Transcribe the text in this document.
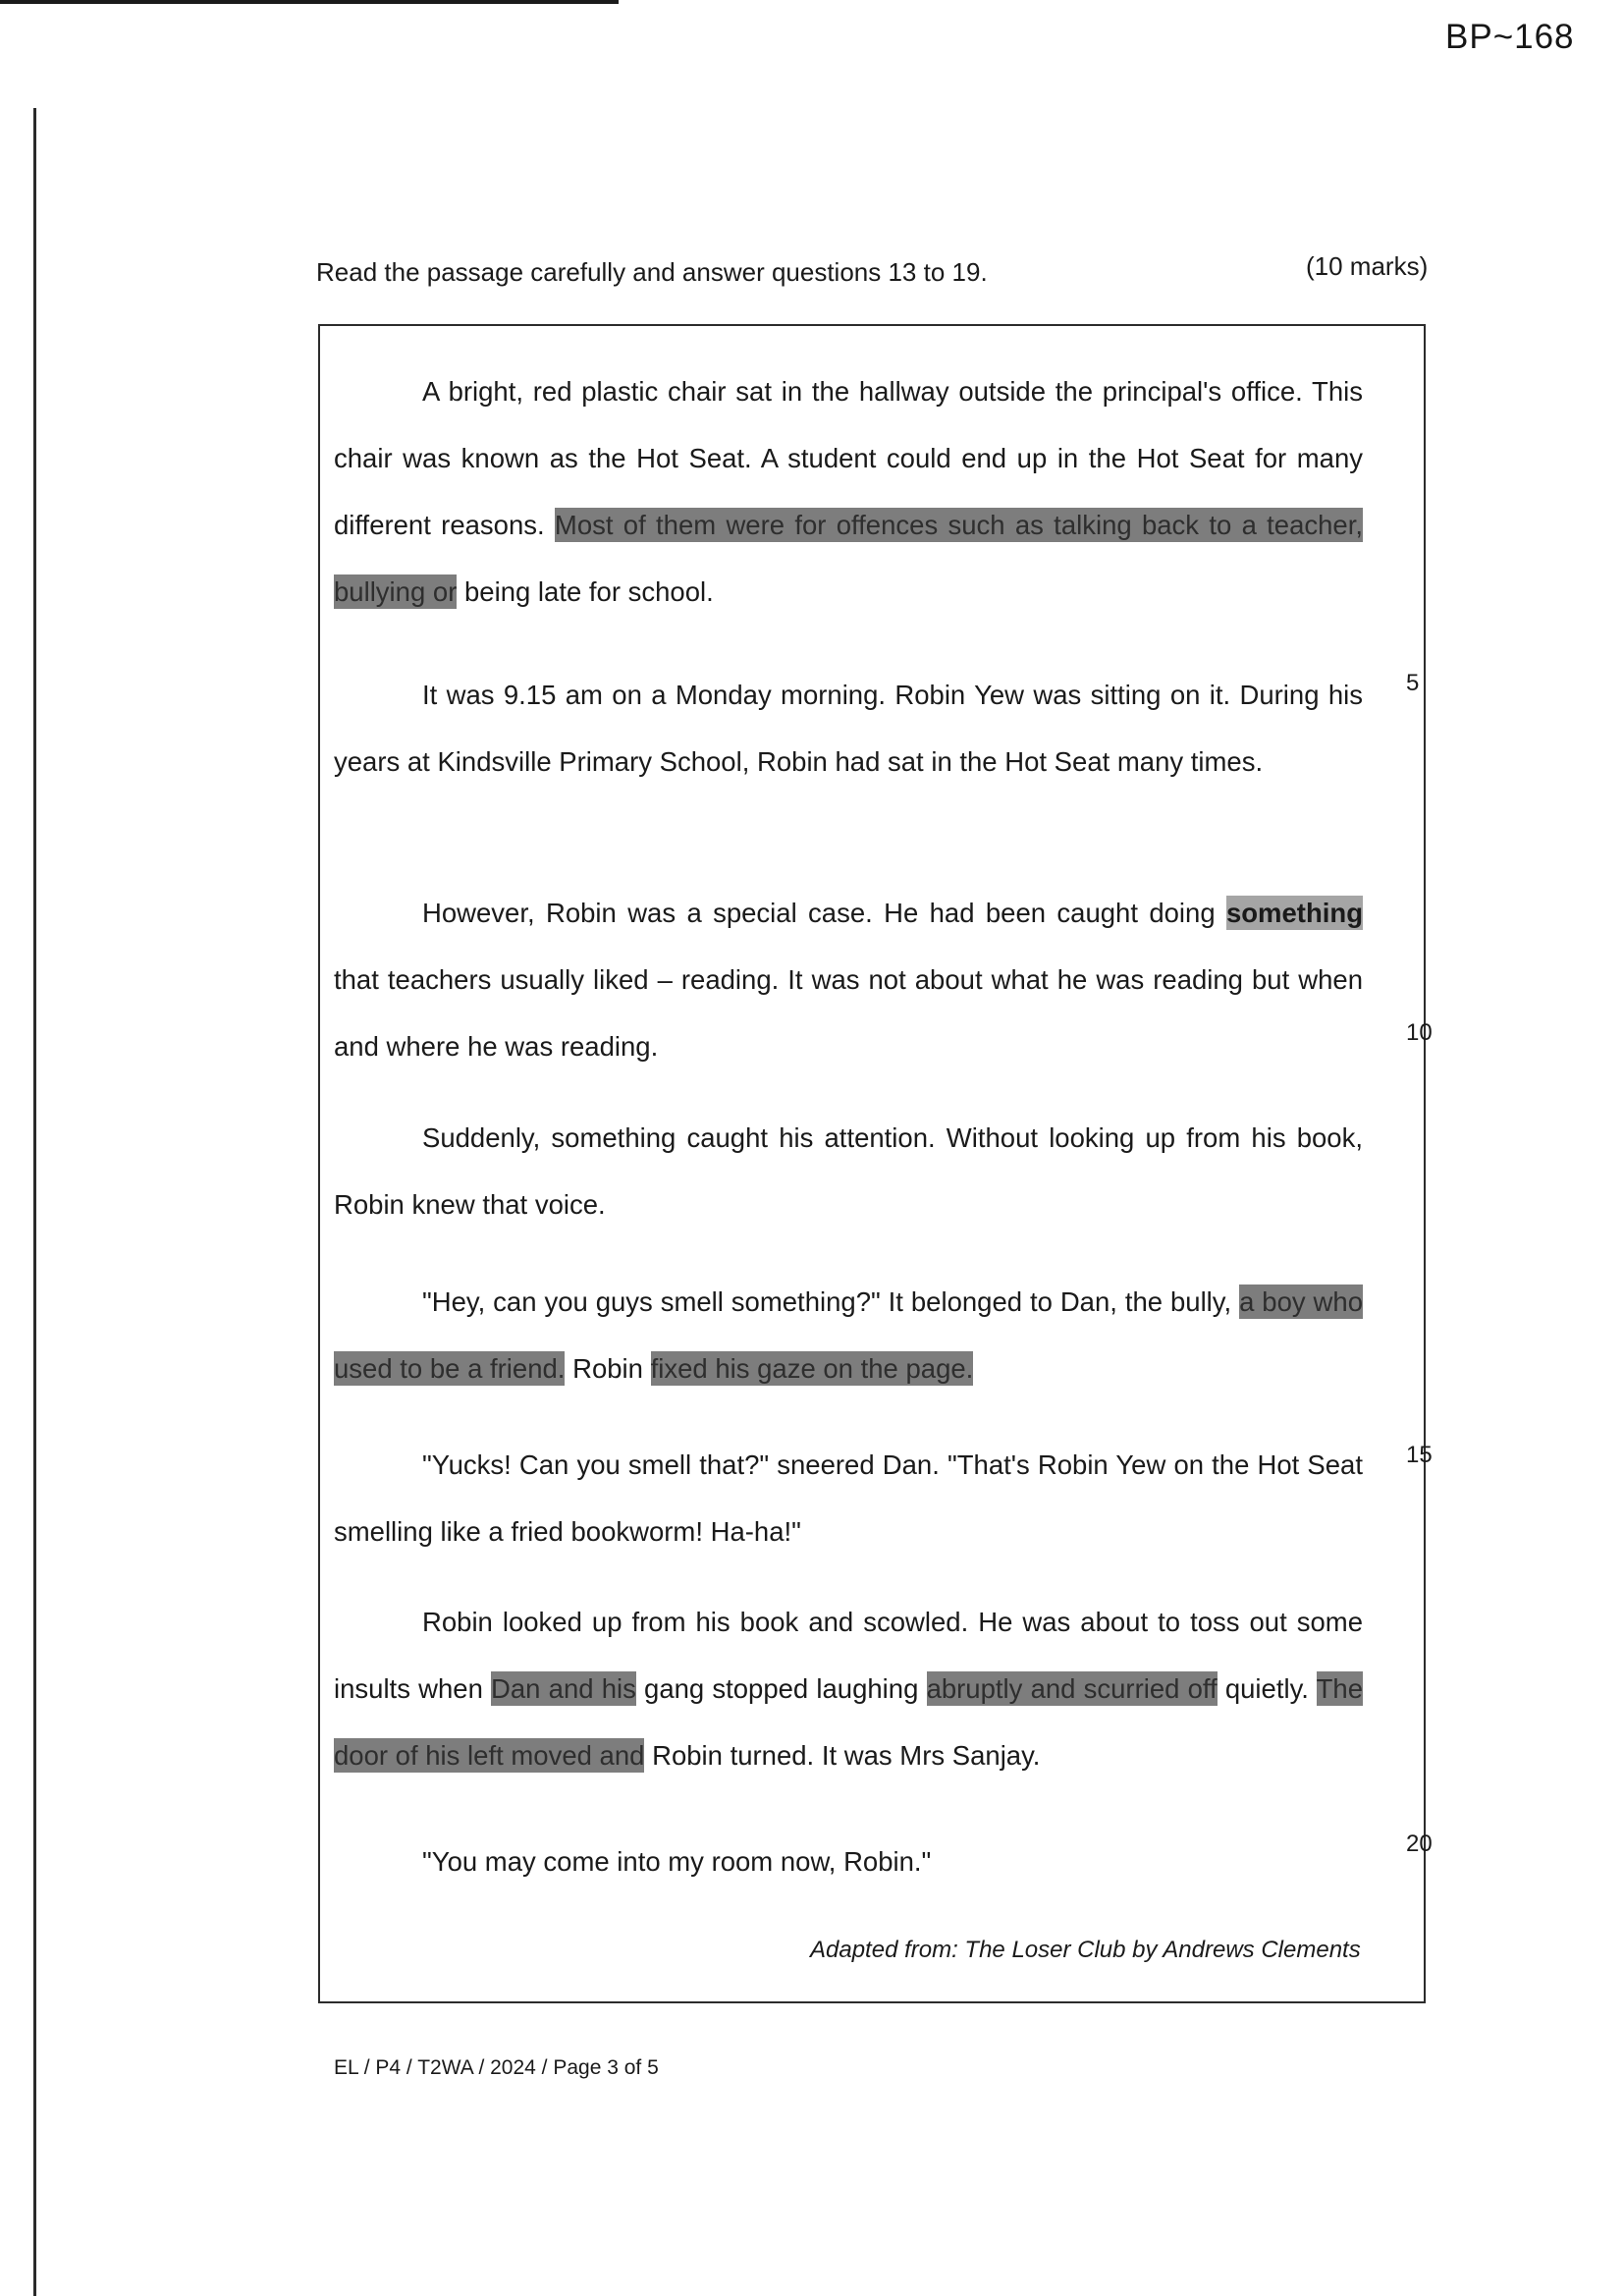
BP~168
Read the passage carefully and answer questions 13 to 19.	(10 marks)

A bright, red plastic chair sat in the hallway outside the principal's office. This chair was known as the Hot Seat. A student could end up in the Hot Seat for many different reasons. Most of them were for offences such as talking back to a teacher, bullying or being late for school.

It was 9.15 am on a Monday morning. Robin Yew was sitting on it. During his years at Kindsville Primary School, Robin had sat in the Hot Seat many times.

However, Robin was a special case. He had been caught doing something that teachers usually liked – reading. It was not about what he was reading but when and where he was reading.

Suddenly, something caught his attention. Without looking up from his book, Robin knew that voice.

"Hey, can you guys smell something?" It belonged to Dan, the bully, a boy who used to be a friend. Robin fixed his gaze on the page.

"Yucks! Can you smell that?" sneered Dan. "That's Robin Yew on the Hot Seat smelling like a fried bookworm! Ha-ha!"

Robin looked up from his book and scowled. He was about to toss out some insults when Dan and his gang stopped laughing abruptly and scurried off quietly. The door of his left moved and Robin turned. It was Mrs Sanjay.

"You may come into my room now, Robin."

5
10
15
20
Adapted from: The Loser Club by Andrews Clements
EL / P4 / T2WA / 2024 / Page 3 of 5
